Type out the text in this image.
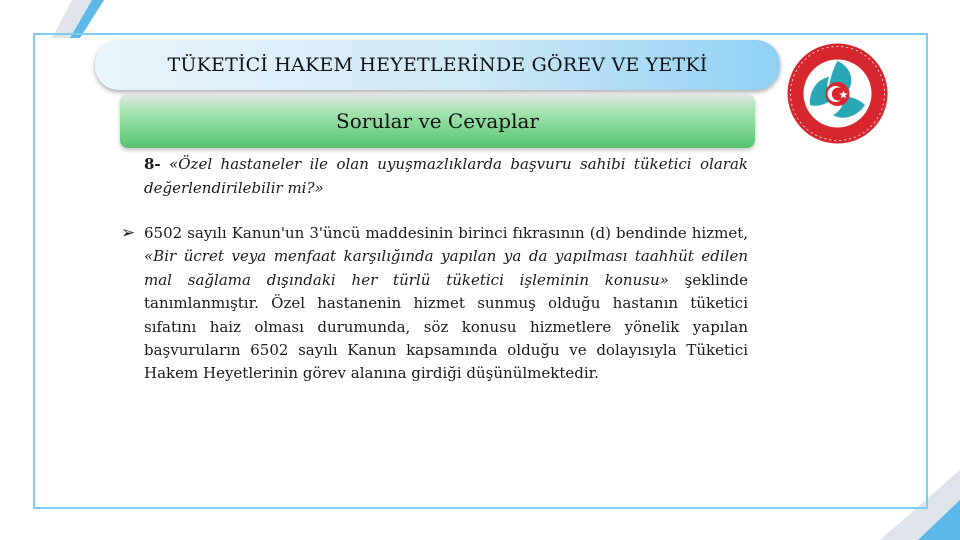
TÜKETİCİ HAKEM HEYETLERİNDE GÖREV VE YETKİ
Sorular ve Cevaplar
8- «Özel hastaneler ile olan uyuşmazlıklarda başvuru sahibi tüketici olarak değerlendirilebilir mi?»
➢ 6502 sayılı Kanun'un 3'üncü maddesinin birinci fıkrasının (d) bendinde hizmet, «Bir ücret veya menfaat karşılığında yapılan ya da yapılması taahhüt edilen mal sağlama dışındaki her türlü tüketici işleminin konusu» şeklinde tanımlanmıştır. Özel hastanenin hizmet sunmuş olduğu hastanın tüketici sıfatını haiz olması durumunda, söz konusu hizmetlere yönelik yapılan başvuruların 6502 sayılı Kanun kapsamında olduğu ve dolayısıyla Tüketici Hakem Heyetlerinin görev alanına girdiği düşünülmektedir.
